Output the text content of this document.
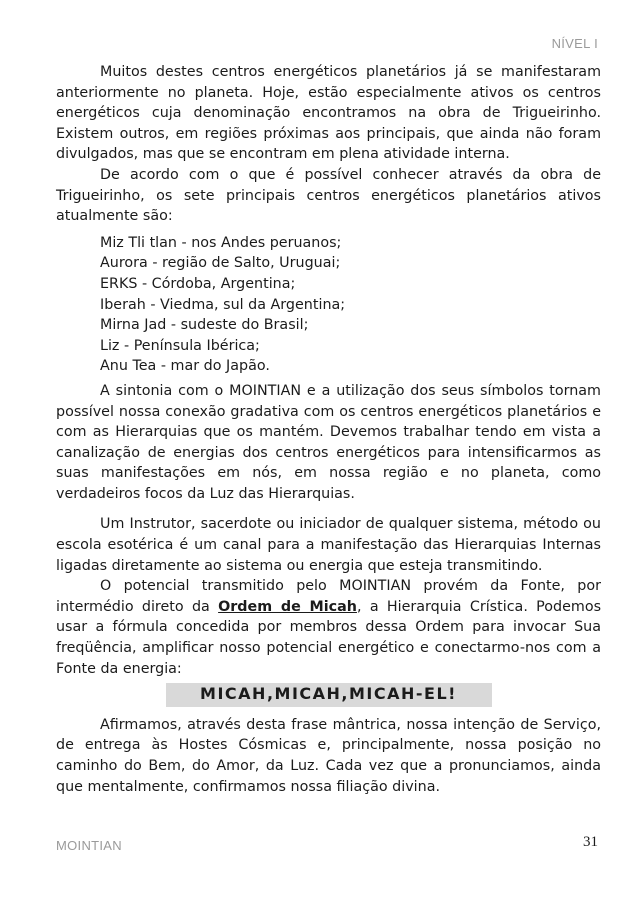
NÍVEL I

Muitos destes centros energéticos planetários já se manifestaram anteriormente no planeta. Hoje, estão especialmente ativos os centros energéticos cuja denominação encontramos na obra de Trigueirinho. Existem outros, em regiões próximas aos principais, que ainda não foram divulgados, mas que se encontram em plena atividade interna.

De acordo com o que é possível conhecer através da obra de Trigueirinho, os sete principais centros energéticos planetários ativos atualmente são:

Miz Tli tlan - nos Andes peruanos;
Aurora - região de Salto, Uruguai;
ERKS - Córdoba, Argentina;
Iberah - Viedma, sul da Argentina;
Mirna Jad - sudeste do Brasil;
Liz - Península Ibérica;
Anu Tea - mar do Japão.

A sintonia com o MOINTIAN e a utilização dos seus símbolos tornam possível nossa conexão gradativa com os centros energéticos planetários e com as Hierarquias que os mantém. Devemos trabalhar tendo em vista a canalização de energias dos centros energéticos para intensificarmos as suas manifestações em nós, em nossa região e no planeta, como verdadeiros focos da Luz das Hierarquias.

Um Instrutor, sacerdote ou iniciador de qualquer sistema, método ou escola esotérica é um canal para a manifestação das Hierarquias Internas ligadas diretamente ao sistema ou energia que esteja transmitindo.

O potencial transmitido pelo MOINTIAN provém da Fonte, por intermédio direto da Ordem de Micah, a Hierarquia Crística. Podemos usar a fórmula concedida por membros dessa Ordem para invocar Sua freqüência, amplificar nosso potencial energético e conectarmo-nos com a Fonte da energia:

MICAH,MICAH,MICAH-EL!

Afirmamos, através desta frase mântrica, nossa intenção de Serviço, de entrega às Hostes Cósmicas e, principalmente, nossa posição no caminho do Bem, do Amor, da Luz. Cada vez que a pronunciamos, ainda que mentalmente, confirmamos nossa filiação divina.

MOINTIAN	31
